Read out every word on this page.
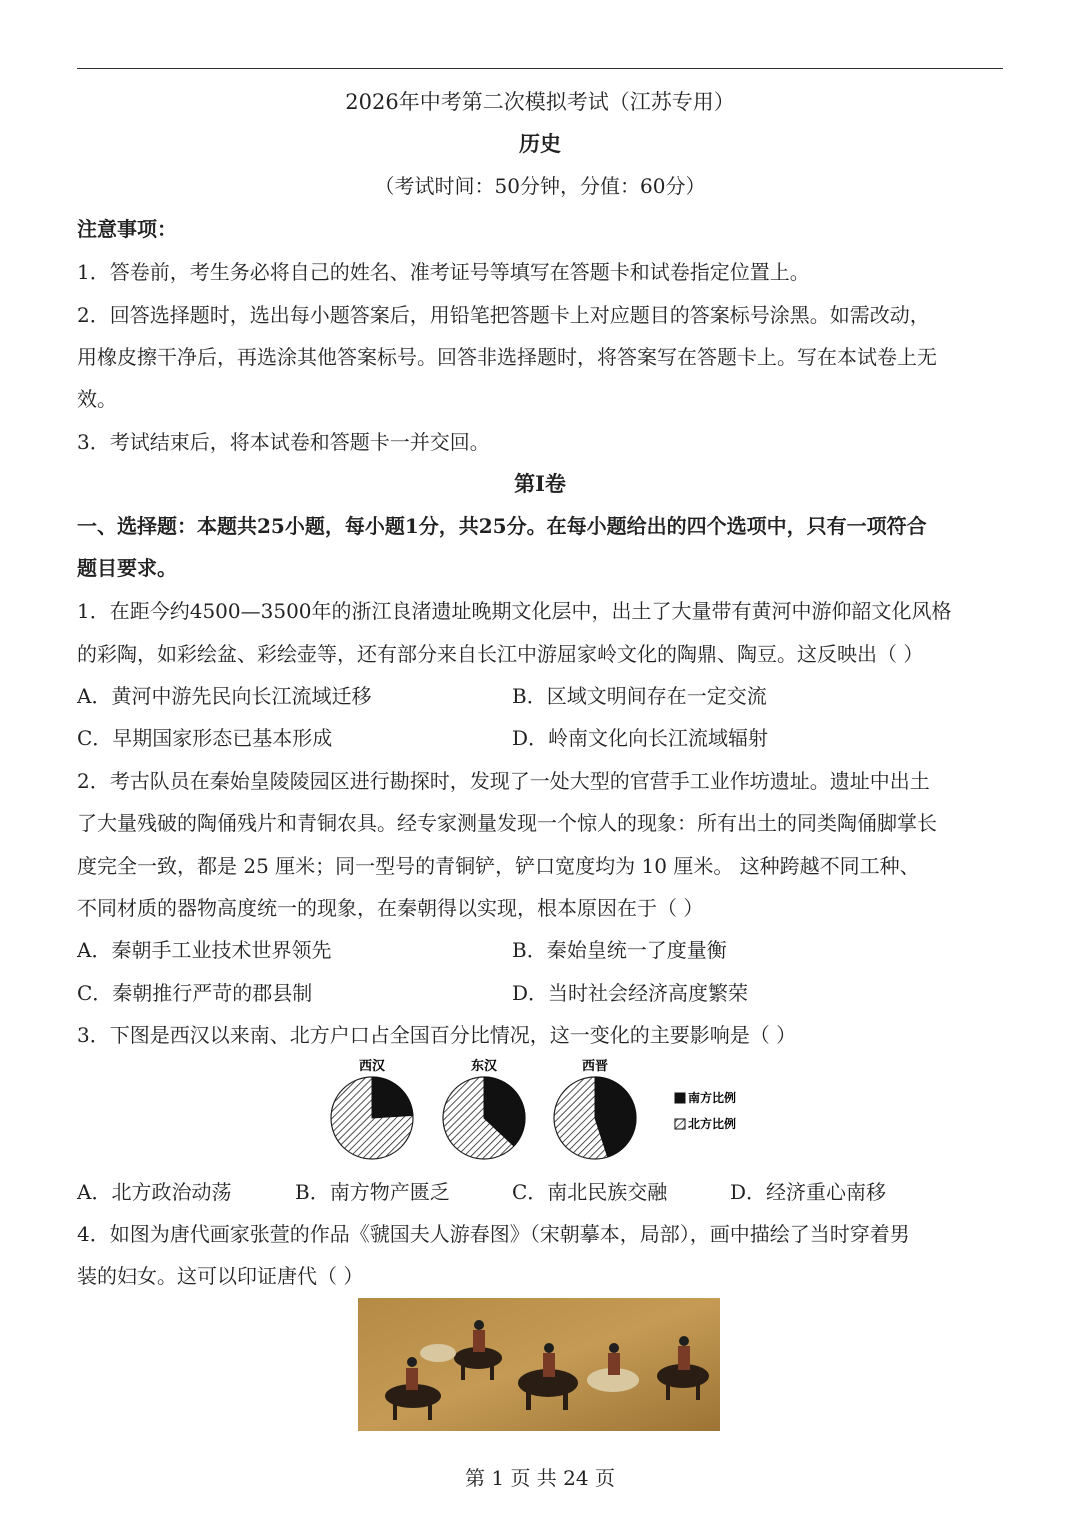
2026年中考第二次模拟考试（江苏专用）
历史
（考试时间：50分钟，分值：60分）
注意事项：
1．答卷前，考生务必将自己的姓名、准考证号等填写在答题卡和试卷指定位置上。
2．回答选择题时，选出每小题答案后，用铅笔把答题卡上对应题目的答案标号涂黑。如需改动，
用橡皮擦干净后，再选涂其他答案标号。回答非选择题时，将答案写在答题卡上。写在本试卷上无
效。
3．考试结束后，将本试卷和答题卡一并交回。
第I卷
一、选择题：本题共25小题，每小题1分，共25分。在每小题给出的四个选项中，只有一项符合
题目要求。
1．在距今约4500—3500年的浙江良渚遗址晚期文化层中，出土了大量带有黄河中游仰韶文化风格
的彩陶，如彩绘盆、彩绘壶等，还有部分来自长江中游屈家岭文化的陶鼎、陶豆。这反映出（ ）
A．黄河中游先民向长江流域迁移	B．区域文明间存在一定交流
C．早期国家形态已基本形成	D．岭南文化向长江流域辐射
2．考古队员在秦始皇陵陵园区进行勘探时，发现了一处大型的官营手工业作坊遗址。遗址中出土
了大量残破的陶俑残片和青铜农具。经专家测量发现一个惊人的现象：所有出土的同类陶俑脚掌长
度完全一致，都是 25 厘米；同一型号的青铜铲，铲口宽度均为 10 厘米。 这种跨越不同工种、
不同材质的器物高度统一的现象，在秦朝得以实现，根本原因在于（ ）
A．秦朝手工业技术世界领先	B．秦始皇统一了度量衡
C．秦朝推行严苛的郡县制	D．当时社会经济高度繁荣
3．下图是西汉以来南、北方户口占全国百分比情况，这一变化的主要影响是（ ）
西汉	东汉	西晋
南方比例
北方比例
A．北方政治动荡	B．南方物产匮乏	C．南北民族交融	D．经济重心南移
4．如图为唐代画家张萱的作品《虢国夫人游春图》（宋朝摹本，局部），画中描绘了当时穿着男
装的妇女。这可以印证唐代（ ）
第 1 页 共 24 页
